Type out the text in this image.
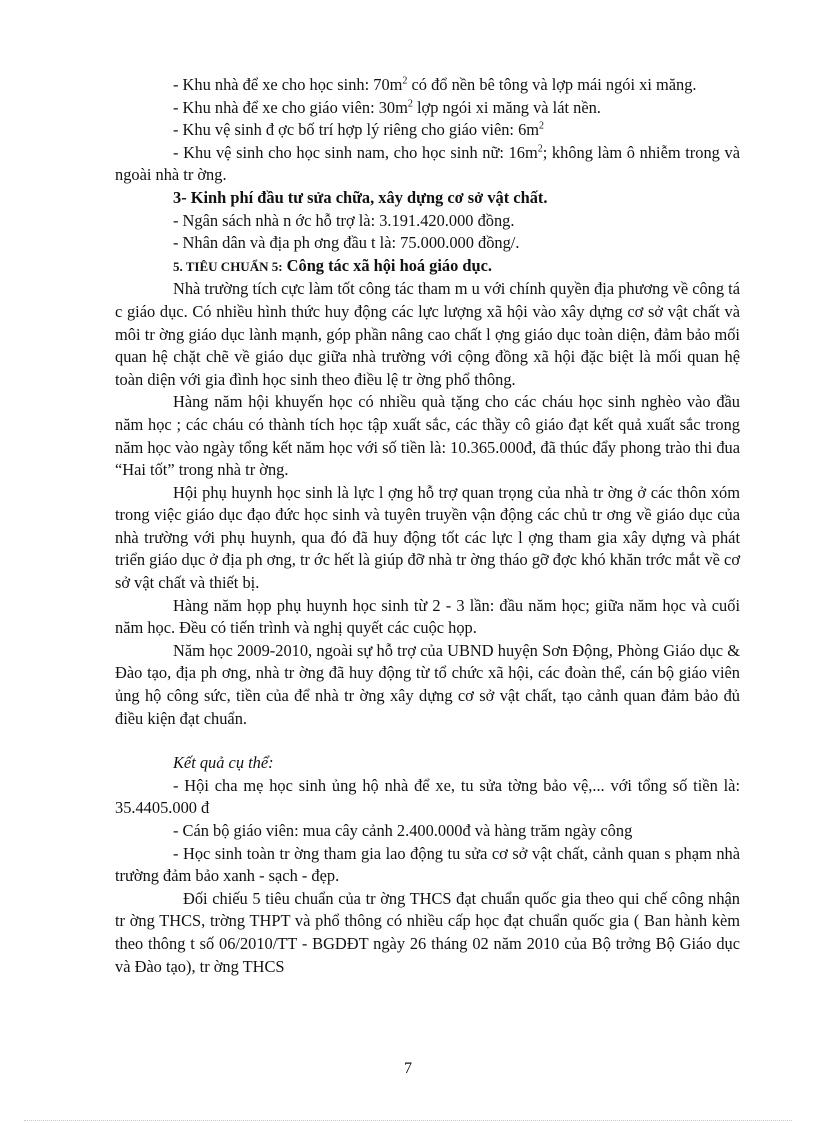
- Khu nhà để xe cho học sinh: $70m^2$ có đổ nền bê tông và lợp mái ngói xi măng.

- Khu nhà để xe cho giáo viên: $30m^2$ lợp ngói xi măng và lát nền.

- Khu vệ sinh đ ợc bố trí hợp lý riêng cho giáo viên: $6m^2$

- Khu vệ sinh cho học sinh nam, cho học sinh nữ: $16m^2$; không làm ô nhiễm trong và ngoài nhà tr ờng.

3- Kinh phí đầu tư sửa chữa, xây dựng cơ sở vật chất.

- Ngân sách nhà n ớc hỗ trợ là: 3.191.420.000 đồng.

- Nhân dân và địa ph ơng đầu t là: 75.000.000 đồng/.

5. TIÊU CHUẨN 5: Công tác xã hội hoá giáo dục.

Nhà trường tích cực làm tốt công tác tham m u với chính quyền địa phương về công tá c giáo dục. Có nhiều hình thức huy động các lực lượng xã hội vào xây dựng cơ sở vật chất và môi tr ờng giáo dục lành mạnh, góp phần nâng cao chất l ợng giáo dục toàn diện, đảm bảo mối quan hệ chặt chẽ về giáo dục giữa nhà trường với cộng đồng xã hội đặc biệt là mối quan hệ toàn diện với gia đình học sinh theo điều lệ tr ờng phổ thông.

Hàng năm hội khuyến học có nhiều quà tặng cho các cháu học sinh nghèo vào đầu năm học ; các cháu có thành tích học tập xuất sắc, các thầy cô giáo đạt kết quả xuất sắc trong năm học vào ngày tổng kết năm học với số tiền là: 10.365.000đ, đã thúc đẩy phong trào thi đua “Hai tốt” trong nhà tr ờng.

Hội phụ huynh học sinh là lực l ợng hỗ trợ quan trọng của nhà tr ờng ở các thôn xóm trong việc giáo dục đạo đức học sinh và tuyên truyền vận động các chủ tr ơng về giáo dục của nhà trường với phụ huynh, qua đó đã huy động tốt các lực l ợng tham gia xây dựng và phát triển giáo dục ở địa ph ơng, tr ớc hết là giúp đỡ nhà tr ờng tháo gỡ đợc khó khăn trớc mắt về cơ sở vật chất và thiết bị.

Hàng năm họp phụ huynh học sinh từ 2 - 3 lần: đầu năm học; giữa năm học và cuối năm học. Đều có tiến trình và nghị quyết các cuộc họp.

Năm học 2009-2010, ngoài sự hỗ trợ của UBND huyện Sơn Động, Phòng Giáo dục & Đào tạo, địa ph ơng, nhà tr ờng đã huy động từ tổ chức xã hội, các đoàn thể, cán bộ giáo viên ủng hộ công sức, tiền của để nhà tr ờng xây dựng cơ sở vật chất, tạo cảnh quan đảm bảo đủ điều kiện đạt chuẩn.

Kết quả cụ thể:

- Hội cha mẹ học sinh ủng hộ nhà để xe, tu sửa tờng bảo vệ,... với tổng số tiền là: 35.4405.000 đ

- Cán bộ giáo viên: mua cây cảnh 2.400.000đ và hàng trăm ngày công

- Học sinh toàn tr ờng tham gia lao động tu sửa cơ sở vật chất, cảnh quan s phạm nhà trường đảm bảo xanh - sạch - đẹp.

Đối chiếu 5 tiêu chuẩn của tr ờng THCS đạt chuẩn quốc gia theo qui chế công nhận tr ờng THCS, trờng THPT và phổ thông có nhiều cấp học đạt chuẩn quốc gia ( Ban hành kèm theo thông t số 06/2010/TT - BGDĐT ngày 26 tháng 02 năm 2010 của Bộ trởng Bộ Giáo dục và Đào tạo), tr ờng THCS

7
